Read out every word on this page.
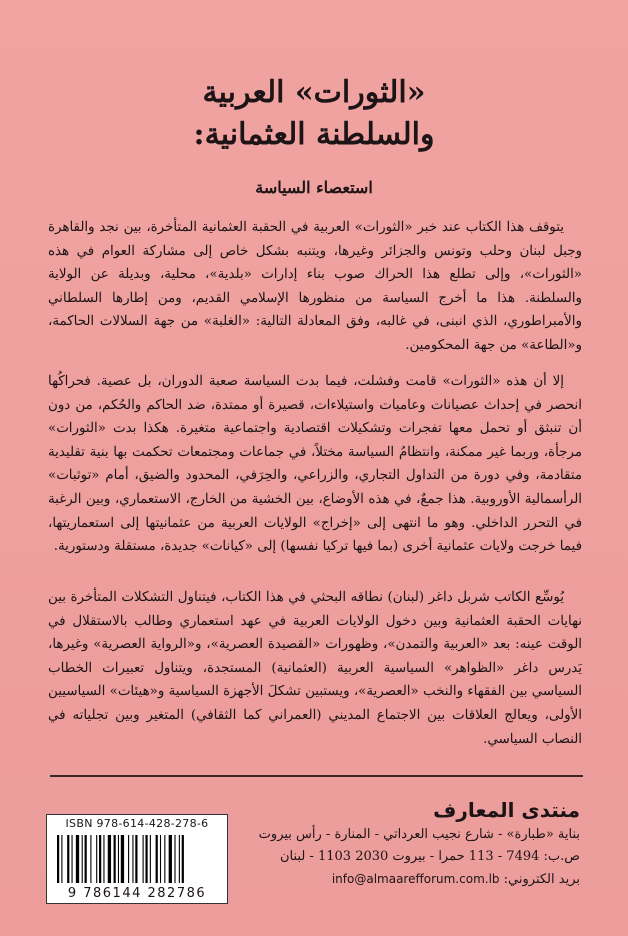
«الثورات» العربية
والسلطنة العثمانية:
استعصاء السياسة

يتوقف هذا الكتاب عند خبر «الثورات» العربية في الحقبة العثمانية المتأخرة، بين نجد والقاهرة وجبل لبنان وحلب وتونس والجزائر وغيرها، ويتنبه بشكل خاص إلى مشاركة العوام في هذه «الثورات»، وإلى تطلع هذا الحراك صوب بناء إدارات «بلدية»، محلية، وبديلة عن الولاية والسلطنة. هذا ما أخرج السياسة من منظورها الإسلامي القديم، ومن إطارها السلطاني والأمبراطوري، الذي انبنى، في غالبه، وفق المعادلة التالية: «الغلبة» من جهة السلالات الحاكمة، و«الطاعة» من جهة المحكومين.

إلا أن هذه «الثورات» قامت وفشلت، فيما بدت السياسة صعبة الدوران، بل عصية. فحراكُها انحصر في إحداث عصيانات وعاميات واستيلاءات، قصيرة أو ممتدة، ضد الحاكم والحُكم، من دون أن تنبثق أو تحمل معها تفجرات وتشكيلات اقتصادية واجتماعية متغيرة. هكذا بدت «الثورات» مرجأة، وربما غير ممكنة، وانتظامُ السياسة مختلاً، في جماعات ومجتمعات تحكمت بها بنية تقليدية متقادمة، وفي دورة من التداول التجاري، والزراعي، والحِرَفي، المحدود والضيق، أمام «توثبات» الرأسمالية الأوروبية. هذا جمعٌ، في هذه الأوضاع، بين الخشية من الخارج، الاستعماري، وبين الرغبة في التحرر الداخلي. وهو ما انتهى إلى «إخراج» الولايات العربية من عثمانيتها إلى استعماريتها، فيما خرجت ولايات عثمانية أخرى (بما فيها تركيا نفسها) إلى «كيانات» جديدة، مستقلة ودستورية.

يُوسِّع الكاتب شربل داغر (لبنان) نطاقه البحثي في هذا الكتاب، فيتناول التشكلات المتأخرة بين نهايات الحقبة العثمانية وبين دخول الولايات العربية في عهد استعماري وطالب بالاستقلال في الوقت عينه: بعد «العربية والتمدن»، وظهورات «القصيدة العصرية»، و«الرواية العصرية» وغيرها، يَدرس داغر «الظواهر» السياسية العربية (العثمانية) المستجدة، ويتناول تعبيرات الخطاب السياسي بين الفقهاء والنخب «العصرية»، ويستبين تشكلَ الأجهزة السياسية و«هيئات» السياسيين الأولى، ويعالج العلاقات بين الاجتماع المديني (العمراني كما الثقافي) المتغير وبين تجلياته في النصاب السياسي.

منتدى المعارف
بناية «طبارة» - شارع نجيب العرداتي - المنارة - رأس بيروت
ص.ب: 7494 - 113 حمرا - بيروت 2030 1103 - لبنان
بريد الكتروني: info@almaarefforum.com.lb
ISBN 978-614-428-278-6
9 786144 282786
